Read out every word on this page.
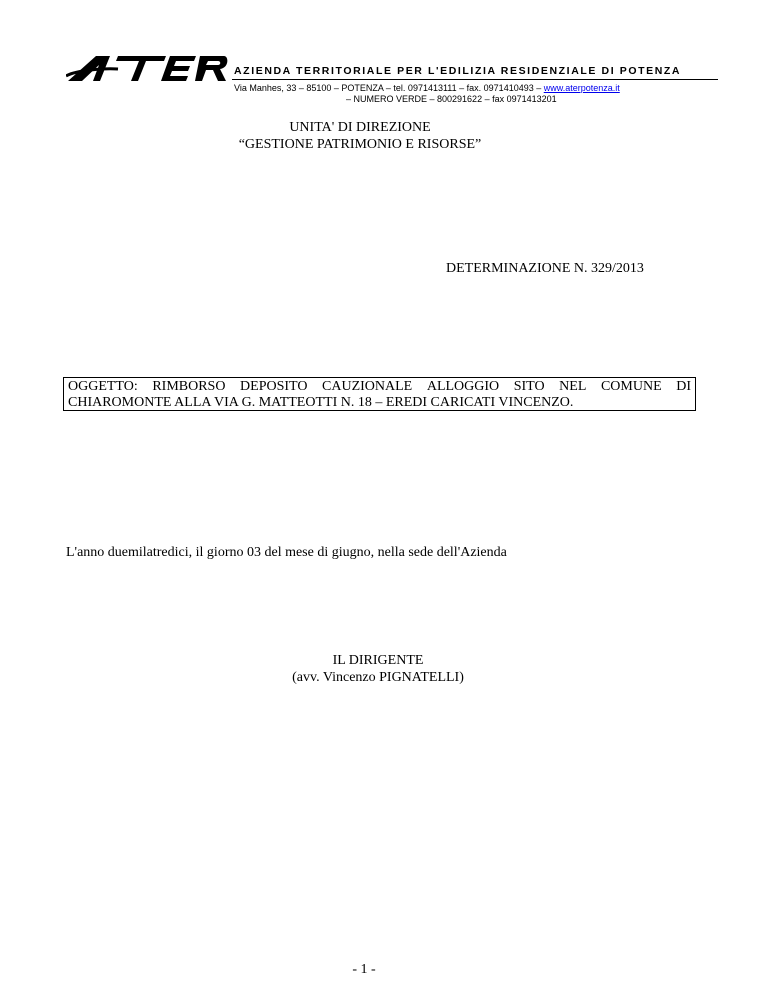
AZIENDA TERRITORIALE PER L'EDILIZIA RESIDENZIALE DI POTENZA
Via Manhes, 33 – 85100 – POTENZA – tel. 0971413111 – fax. 0971410493 – www.aterpotenza.it
– NUMERO VERDE – 800291622 – fax 0971413201
UNITA' DI DIREZIONE
“GESTIONE PATRIMONIO E RISORSE”
DETERMINAZIONE N. 329/2013
OGGETTO: RIMBORSO DEPOSITO CAUZIONALE ALLOGGIO SITO NEL COMUNE DI
CHIAROMONTE ALLA VIA G. MATTEOTTI N. 18 – EREDI CARICATI VINCENZO.
L'anno duemilatredici, il giorno 03 del mese di giugno, nella sede dell'Azienda
IL DIRIGENTE
(avv. Vincenzo PIGNATELLI)
- 1 -
